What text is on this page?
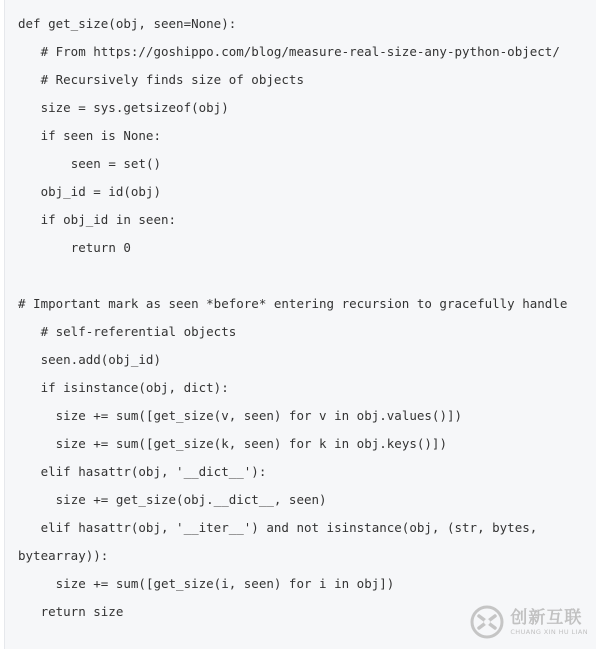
def get_size(obj, seen=None):
# From https://goshippo.com/blog/measure-real-size-any-python-object/
# Recursively finds size of objects
size = sys.getsizeof(obj)
if seen is None:
seen = set()
obj_id = id(obj)
if obj_id in seen:
return 0
# Important mark as seen *before* entering recursion to gracefully handle
# self-referential objects
seen.add(obj_id)
if isinstance(obj, dict):
size += sum([get_size(v, seen) for v in obj.values()])
size += sum([get_size(k, seen) for k in obj.keys()])
elif hasattr(obj, '__dict__'):
size += get_size(obj.__dict__, seen)
elif hasattr(obj, '__iter__') and not isinstance(obj, (str, bytes,
bytearray)):
size += sum([get_size(i, seen) for i in obj])
return size	创新互联
CHUANG XIN HU LIAN
